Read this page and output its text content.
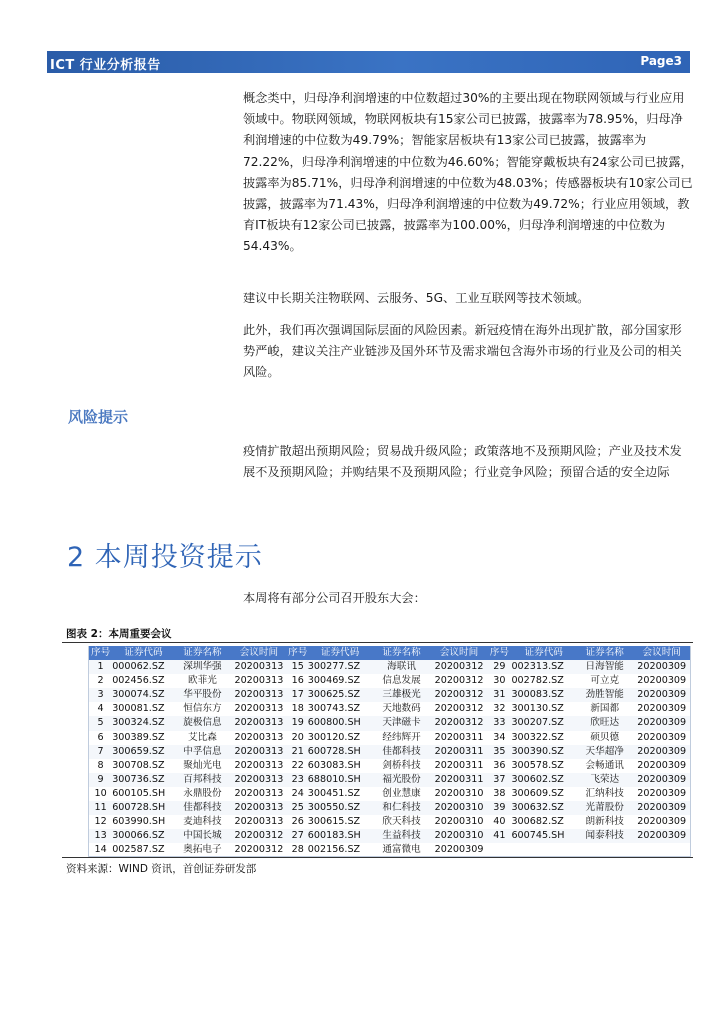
ICT 行业分析报告	Page3

概念类中，归母净利润增速的中位数超过30%的主要出现在物联网领域与行业应用领域中。物联网领域，物联网板块有15家公司已披露，披露率为78.95%，归母净利润增速的中位数为49.79%；智能家居板块有13家公司已披露，披露率为72.22%，归母净利润增速的中位数为46.60%；智能穿戴板块有24家公司已披露，披露率为85.71%，归母净利润增速的中位数为48.03%；传感器板块有10家公司已披露，披露率为71.43%，归母净利润增速的中位数为49.72%；行业应用领域，教育IT板块有12家公司已披露，披露率为100.00%，归母净利润增速的中位数为54.43%。

建议中长期关注物联网、云服务、5G、工业互联网等技术领域。

此外，我们再次强调国际层面的风险因素。新冠疫情在海外出现扩散，部分国家形势严峻，建议关注产业链涉及国外环节及需求端包含海外市场的行业及公司的相关风险。

风险提示

疫情扩散超出预期风险；贸易战升级风险；政策落地不及预期风险；产业及技术发展不及预期风险；并购结果不及预期风险；行业竞争风险；预留合适的安全边际

2 本周投资提示

本周将有部分公司召开股东大会：

图表 2：本周重要会议

序号	证券代码	证券名称	会议时间	序号	证券代码	证券名称	会议时间	序号	证券代码	证券名称	会议时间
1	000062.SZ	深圳华强	20200313	15	300277.SZ	海联讯	20200312	29	002313.SZ	日海智能	20200309
2	002456.SZ	欧菲光	20200313	16	300469.SZ	信息发展	20200312	30	002782.SZ	可立克	20200309
3	300074.SZ	华平股份	20200313	17	300625.SZ	三雄极光	20200312	31	300083.SZ	劲胜智能	20200309
4	300081.SZ	恒信东方	20200313	18	300743.SZ	天地数码	20200312	32	300130.SZ	新国都	20200309
5	300324.SZ	旋极信息	20200313	19	600800.SH	天津磁卡	20200312	33	300207.SZ	欣旺达	20200309
6	300389.SZ	艾比森	20200313	20	300120.SZ	经纬辉开	20200311	34	300322.SZ	硕贝德	20200309
7	300659.SZ	中孚信息	20200313	21	600728.SH	佳都科技	20200311	35	300390.SZ	天华超净	20200309
8	300708.SZ	聚灿光电	20200313	22	603083.SH	剑桥科技	20200311	36	300578.SZ	会畅通讯	20200309
9	300736.SZ	百邦科技	20200313	23	688010.SH	福光股份	20200311	37	300602.SZ	飞荣达	20200309
10	600105.SH	永鼎股份	20200313	24	300451.SZ	创业慧康	20200310	38	300609.SZ	汇纳科技	20200309
11	600728.SH	佳都科技	20200313	25	300550.SZ	和仁科技	20200310	39	300632.SZ	光莆股份	20200309
12	603990.SH	麦迪科技	20200313	26	300615.SZ	欣天科技	20200310	40	300682.SZ	朗新科技	20200309
13	300066.SZ	中国长城	20200312	27	600183.SH	生益科技	20200310	41	600745.SH	闻泰科技	20200309
14	002587.SZ	奥拓电子	20200312	28	002156.SZ	通富微电	20200309				

资料来源：WIND 资讯，首创证券研发部
